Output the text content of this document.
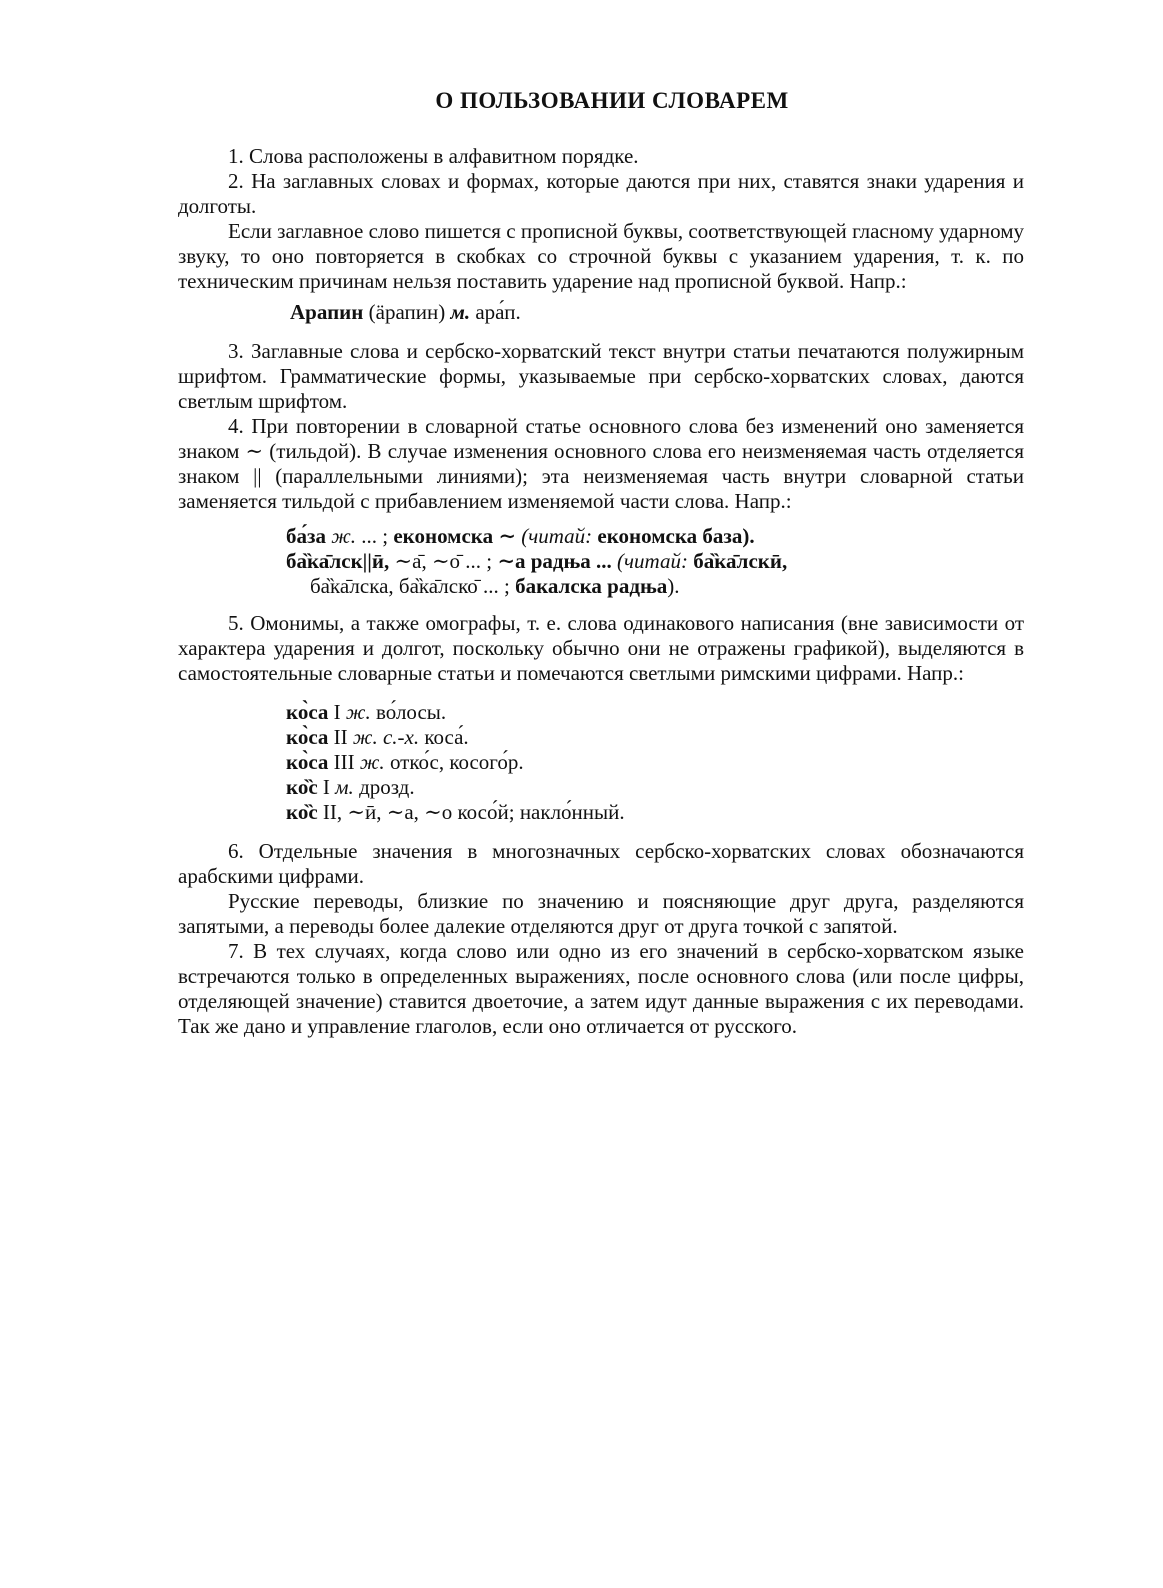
О ПОЛЬЗОВАНИИ СЛОВАРЕМ

1. Слова расположены в алфавитном порядке.

2. На заглавных словах и формах, которые даются при них, ставятся знаки ударения и долготы.

Если заглавное слово пишется с прописной буквы, соответствующей гласному ударному звуку, то оно повторяется в скобках со строчной буквы с указанием ударения, т. к. по техническим причинам нельзя поставить ударение над прописной буквой. Напр.:

Арапин (ӓрапин) м. ара́п.

3. Заглавные слова и сербско-хорватский текст внутри статьи печатаются полужирным шрифтом. Грамматические формы, указываемые при сербско-хорватских словах, даются светлым шрифтом.

4. При повторении в словарной статье основного слова без изменений оно заменяется знаком ∼ (тильдой). В случае изменения основного слова его неизменяемая часть отделяется знаком || (параллельными линиями); эта неизменяемая часть внутри словарной статьи заменяется тильдой с прибавлением изменяемой части слова. Напр.:

ба́за ж. ... ; економска ∼ (читай: економска база).
ба̏ка̄лск||ӣ, ∼а̄, ∼о̄ ... ; ∼а радња ... (читай: ба̏ка̄лскӣ,
ба̏ка̄лска, ба̏ка̄лско̄ ... ; бакалска радња).

5. Омонимы, а также омографы, т. е. слова одинакового написания (вне зависимости от характера ударения и долгот, поскольку обычно они не отражены графикой), выделяются в самостоятельные словарные статьи и помечаются светлыми римскими цифрами. Напр.:

ко̀са I ж. во́лосы.
ко̀са II ж. с.-х. коса́.
ко̀са III ж. отко́с, косого́р.
ко̏с I м. дрозд.
ко̏с II, ∼ӣ, ∼а, ∼о косо́й; накло́нный.

6. Отдельные значения в многозначных сербско-хорватских словах обозначаются арабскими цифрами.

Русские переводы, близкие по значению и поясняющие друг друга, разделяются запятыми, а переводы более далекие отделяются друг от друга точкой с запятой.

7. В тех случаях, когда слово или одно из его значений в сербско-хорватском языке встречаются только в определенных выражениях, после основного слова (или после цифры, отделяющей значение) ставится двоеточие, а затем идут данные выражения с их переводами. Так же дано и управление глаголов, если оно отличается от русского.
